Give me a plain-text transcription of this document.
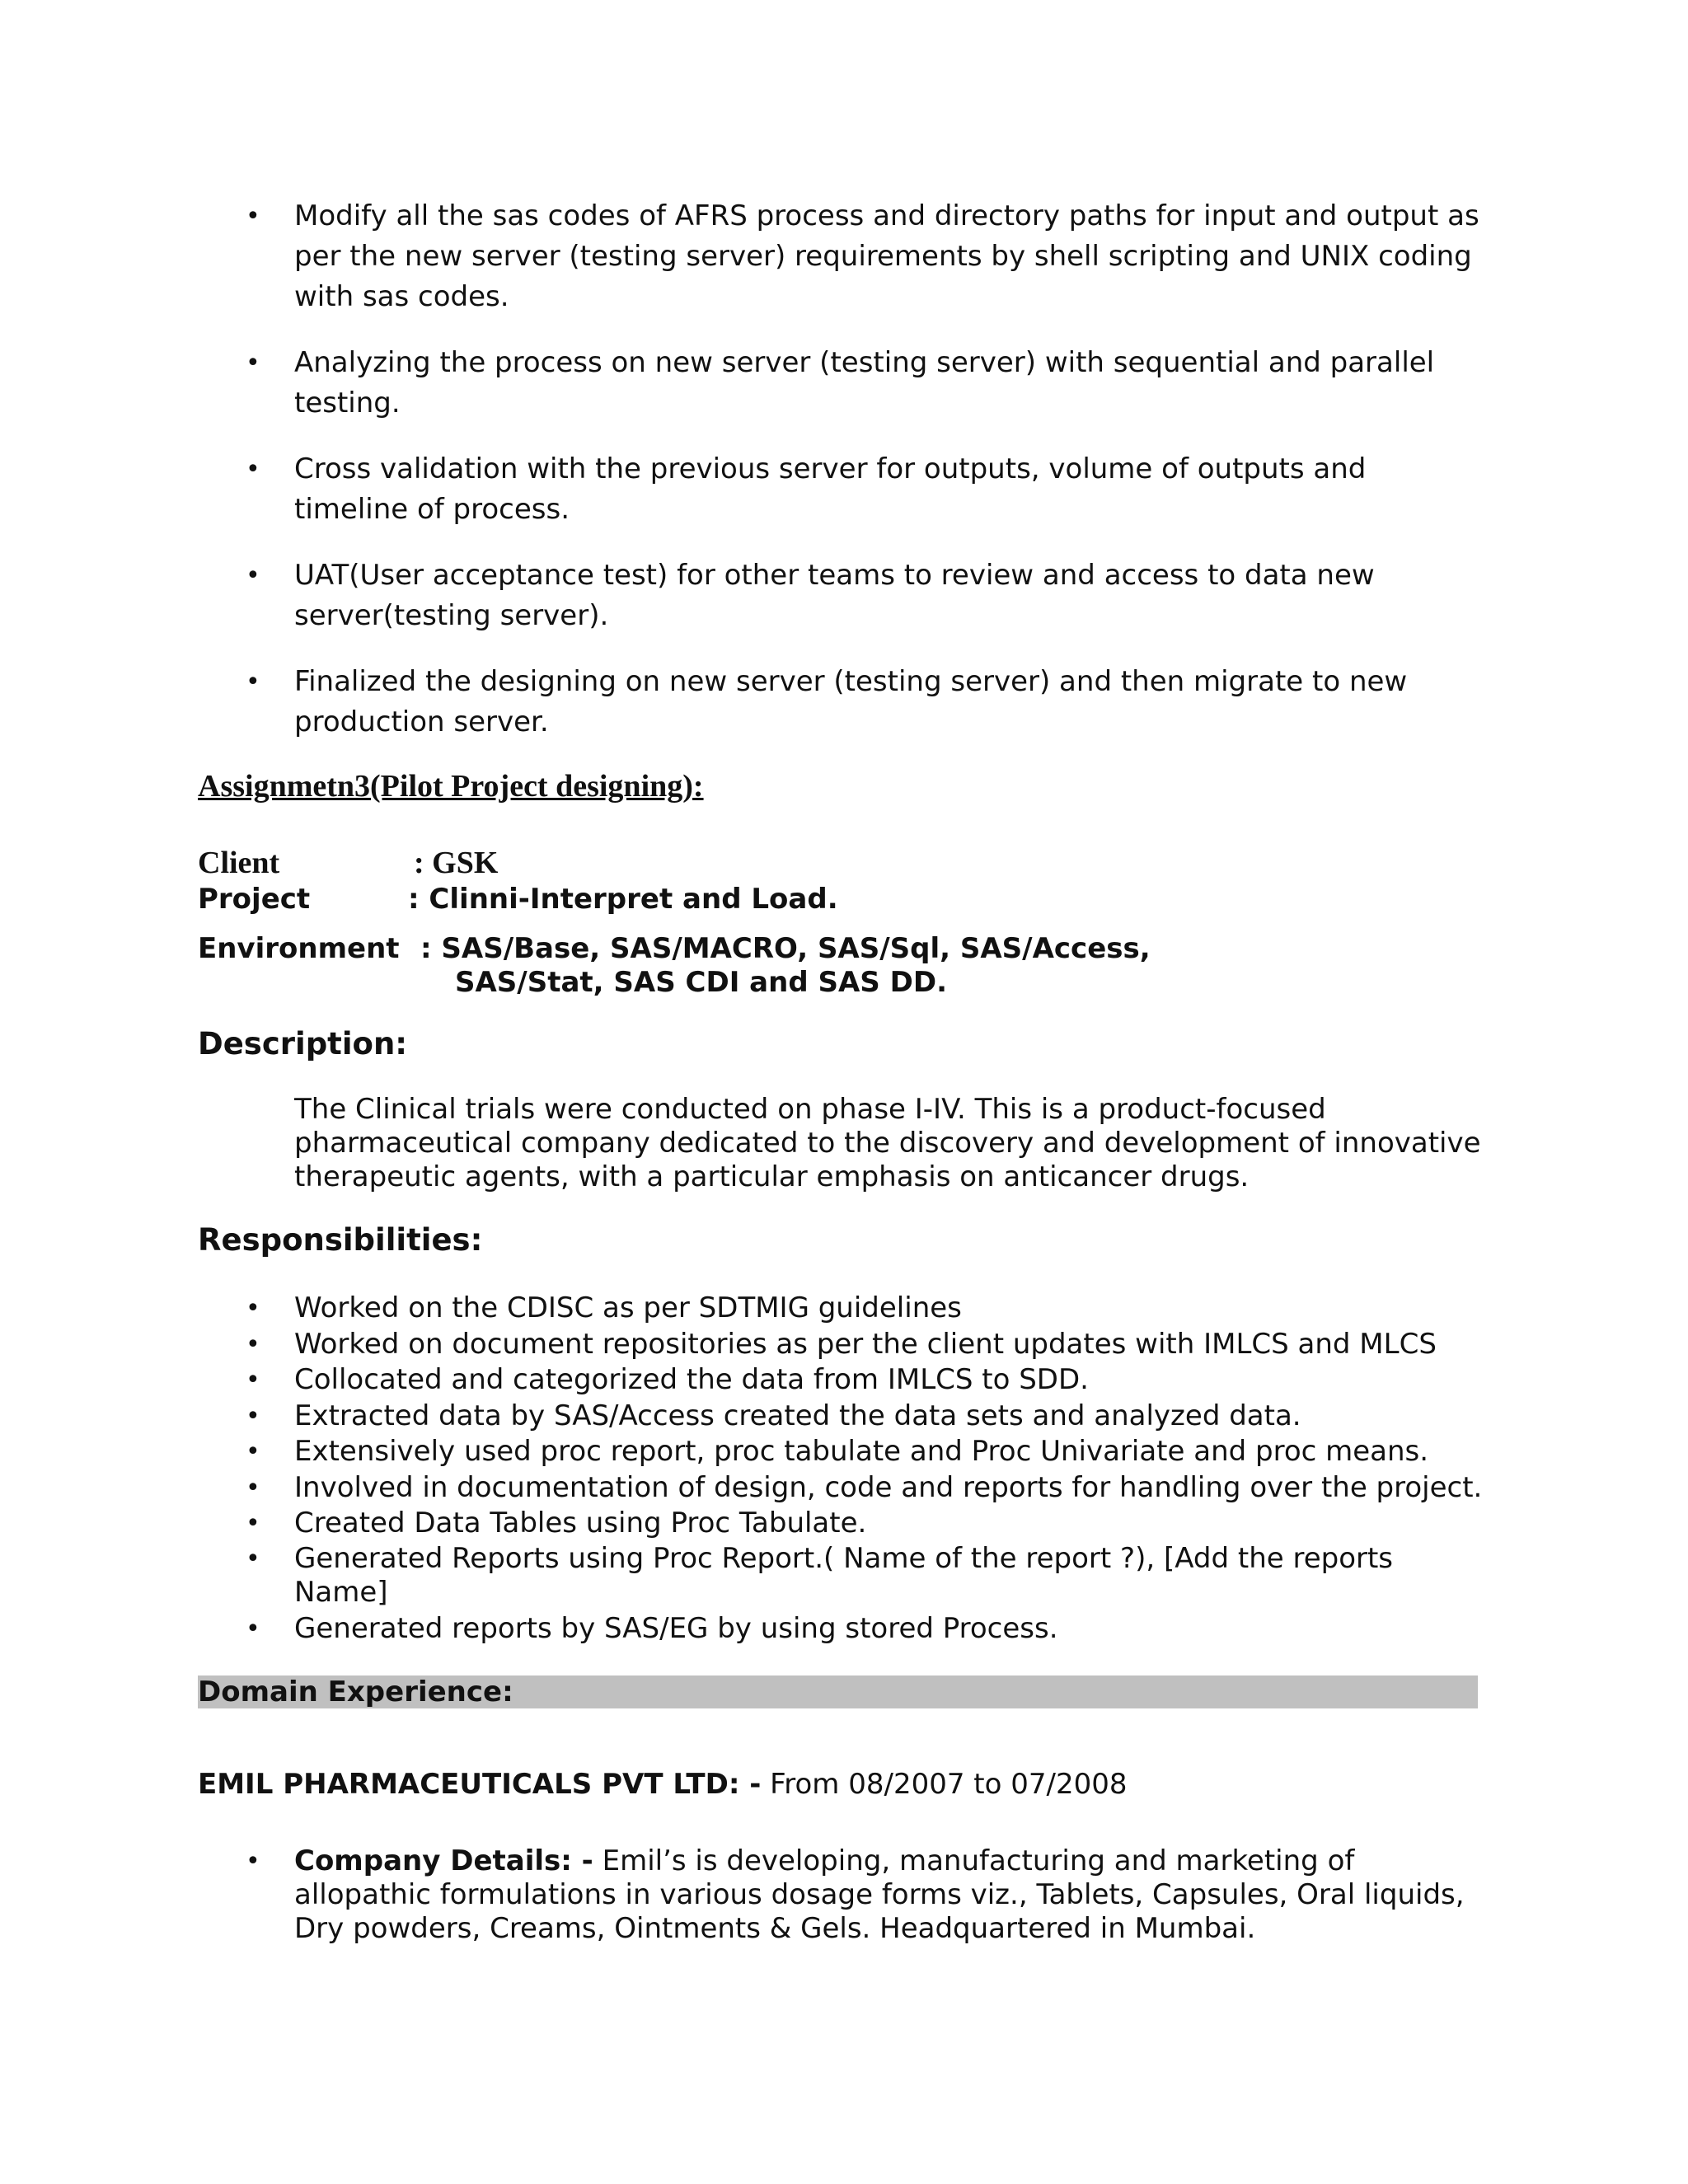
• Modify all the sas codes of AFRS process and directory paths for input and output as per the new server (testing server) requirements by shell scripting and UNIX coding with sas codes.
• Analyzing the process on new server (testing server) with sequential and parallel testing.
• Cross validation with the previous server for outputs, volume of outputs and timeline of process.
• UAT(User acceptance test) for other teams to review and access to data new server(testing server).
• Finalized the designing on new server (testing server) and then migrate to new production server.
Assignmetn3(Pilot Project designing):
Client	: GSK
Project	: Clinni-Interpret and Load.
Environment : SAS/Base, SAS/MACRO, SAS/Sql, SAS/Access,
SAS/Stat, SAS CDI and SAS DD.
Description:
The Clinical trials were conducted on phase I-IV. This is a product-focused pharmaceutical company dedicated to the discovery and development of innovative therapeutic agents, with a particular emphasis on anticancer drugs.
Responsibilities:
• Worked on the CDISC as per SDTMIG guidelines
• Worked on document repositories as per the client updates with IMLCS and MLCS
• Collocated and categorized the data from IMLCS to SDD.
• Extracted data by SAS/Access created the data sets and analyzed data.
• Extensively used proc report, proc tabulate and Proc Univariate and proc means.
• Involved in documentation of design, code and reports for handling over the project.
• Created Data Tables using Proc Tabulate.
• Generated Reports using Proc Report.( Name of the report ?), [Add the reports Name]
• Generated reports by SAS/EG by using stored Process.
Domain Experience:
EMIL PHARMACEUTICALS PVT LTD: - From 08/2007 to 07/2008
• Company Details: - Emil’s is developing, manufacturing and marketing of allopathic formulations in various dosage forms viz., Tablets, Capsules, Oral liquids, Dry powders, Creams, Ointments & Gels. Headquartered in Mumbai.
